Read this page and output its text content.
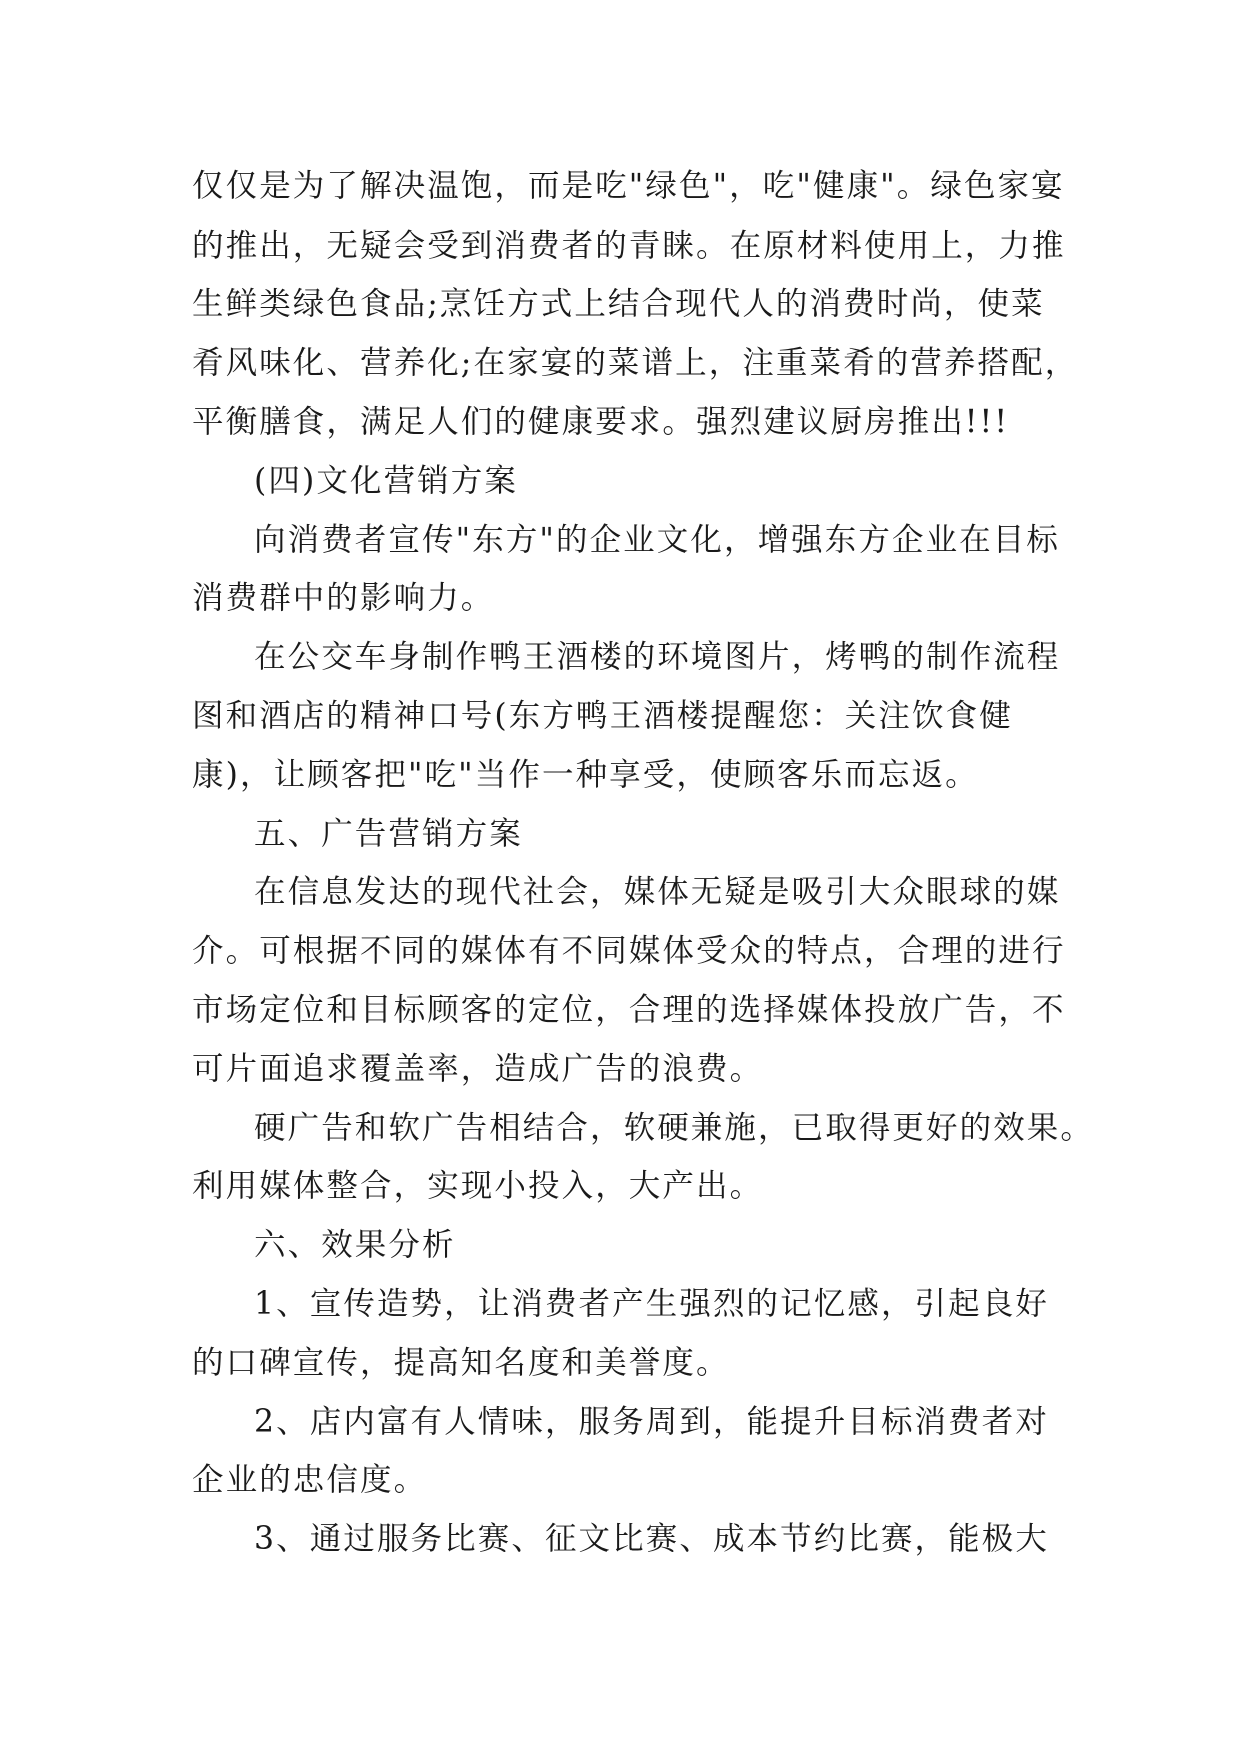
仅仅是为了解决温饱，而是吃"绿色"，吃"健康"。绿色家宴
的推出，无疑会受到消费者的青睐。在原材料使用上，力推
生鲜类绿色食品;烹饪方式上结合现代人的消费时尚，使菜
肴风味化、营养化;在家宴的菜谱上，注重菜肴的营养搭配，
平衡膳食，满足人们的健康要求。强烈建议厨房推出!!!
(四)文化营销方案
向消费者宣传"东方"的企业文化，增强东方企业在目标
消费群中的影响力。
在公交车身制作鸭王酒楼的环境图片，烤鸭的制作流程
图和酒店的精神口号(东方鸭王酒楼提醒您：关注饮食健
康)，让顾客把"吃"当作一种享受，使顾客乐而忘返。
五、广告营销方案
在信息发达的现代社会，媒体无疑是吸引大众眼球的媒
介。可根据不同的媒体有不同媒体受众的特点，合理的进行
市场定位和目标顾客的定位，合理的选择媒体投放广告，不
可片面追求覆盖率，造成广告的浪费。
硬广告和软广告相结合，软硬兼施，已取得更好的效果。
利用媒体整合，实现小投入，大产出。
六、效果分析
1、宣传造势，让消费者产生强烈的记忆感，引起良好
的口碑宣传，提高知名度和美誉度。
2、店内富有人情味，服务周到，能提升目标消费者对
企业的忠信度。
3、通过服务比赛、征文比赛、成本节约比赛，能极大
